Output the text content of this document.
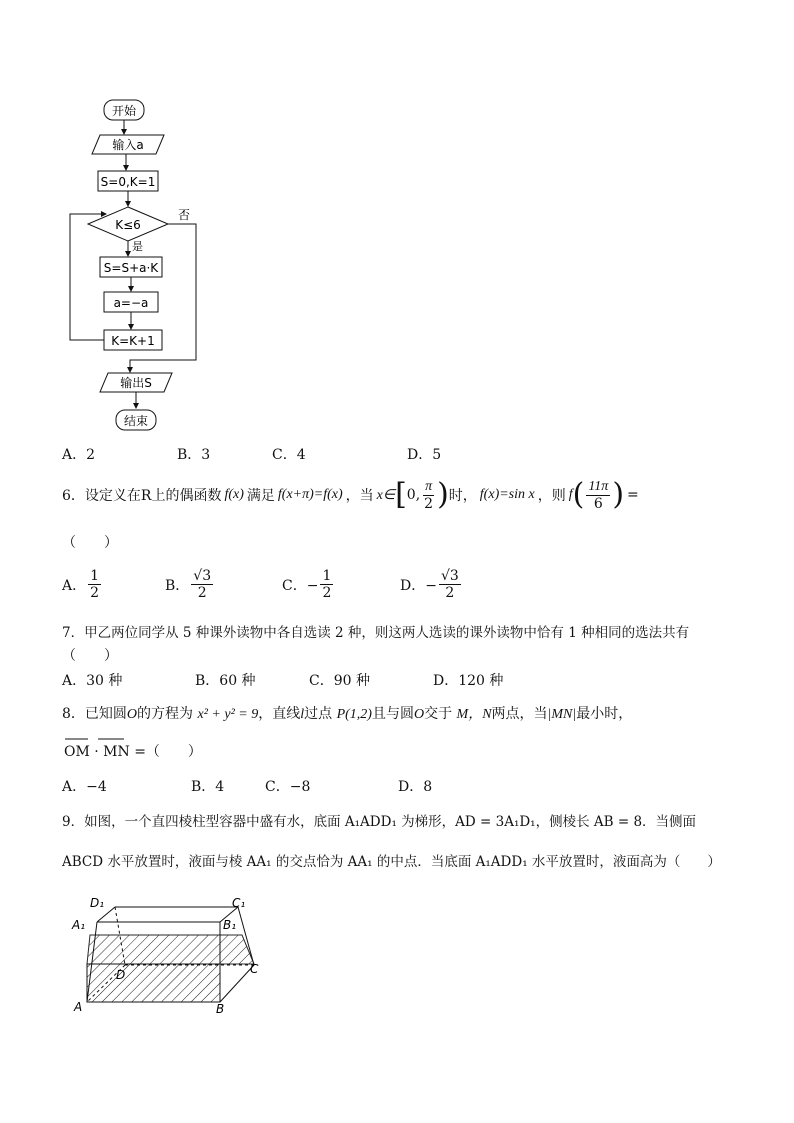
开始
输入a
S=0,K=1
K≤6
否
是
S=S+a·K
a=−a
K=K+1
输出S
结束
A．2	B．3	C．4	D．5
6．设定义在R上的偶函数 f(x) 满足 f(x+π)=f(x) ，当 x∈ [ 0, $\frac{\pi}{2}$ ) 时， f(x)=sin x ，则 f ( $\frac{11\pi}{6}$ ) =
（　　）
A． $\frac{1}{2}$	B． $\frac{√3}{2}$	C．− $\frac{1}{2}$	D．− $\frac{√3}{2}$
7．甲乙两位同学从 5 种课外读物中各自选读 2 种，则这两人选读的课外读物中恰有 1 种相同的选法共有
（　　）
A．30 种	B．60 种	C．90 种	D．120 种
8．已知圆O的方程为 x² + y² = 9，直线l过点 P(1,2)且与圆O交于 M，N两点，当|MN|最小时，
OM · MN =（　　）
A．−4	B．4	C．−8	D．8
9．如图，一个直四棱柱型容器中盛有水，底面 A₁ADD₁ 为梯形，AD = 3A₁D₁，侧棱长 AB = 8．当侧面
ABCD 水平放置时，液面与棱 AA₁ 的交点恰为 AA₁ 的中点．当底面 A₁ADD₁ 水平放置时，液面高为（　　）
D₁	C₁
A₁	B₁
D	C
A	B
